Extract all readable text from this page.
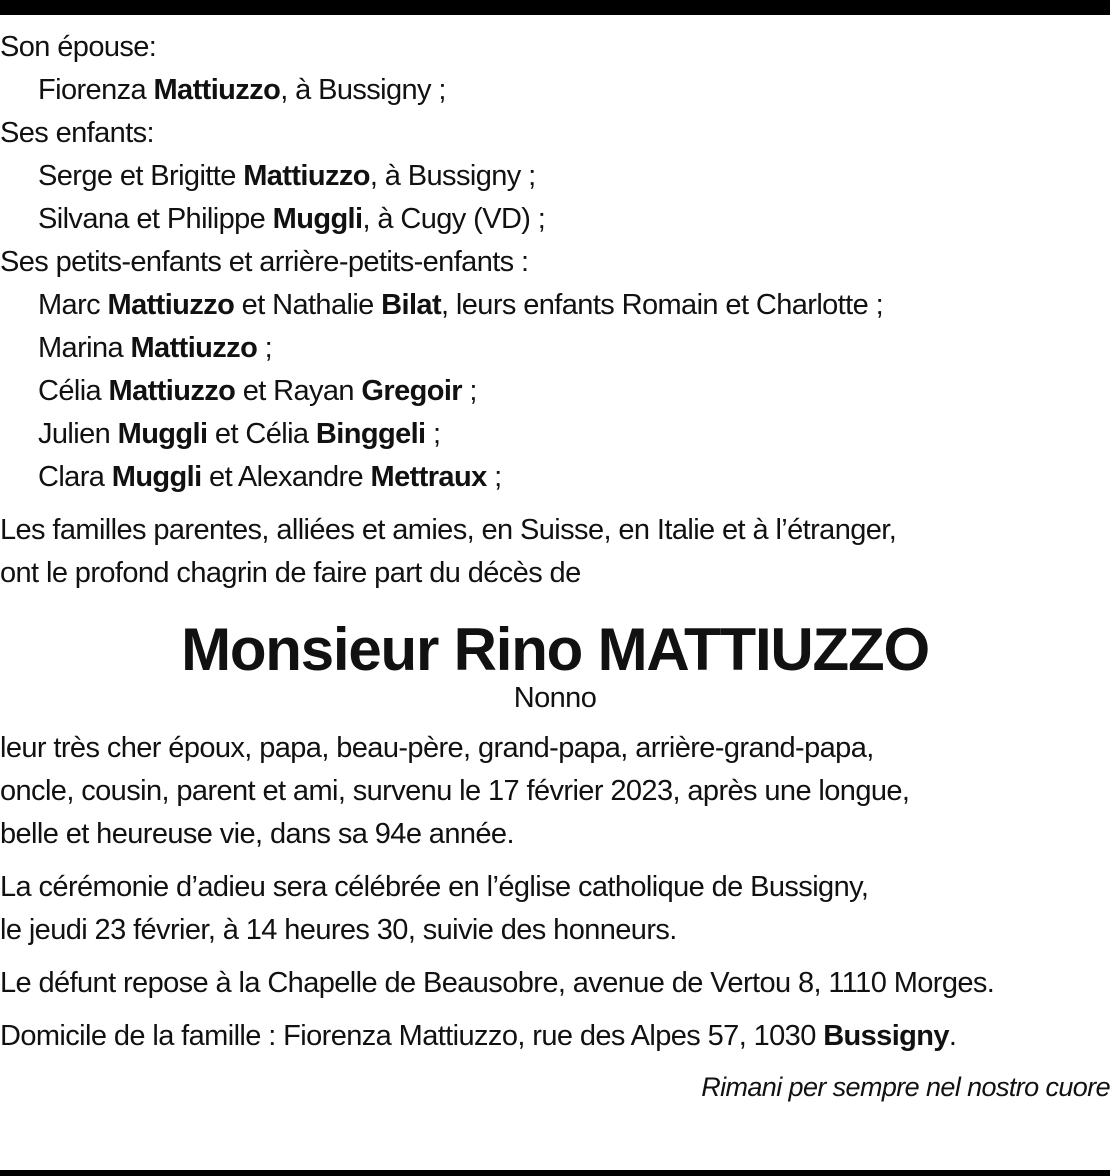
Son épouse:
Fiorenza Mattiuzzo, à Bussigny ;
Ses enfants:
Serge et Brigitte Mattiuzzo, à Bussigny ;
Silvana et Philippe Muggli, à Cugy (VD) ;
Ses petits-enfants et arrière-petits-enfants :
Marc Mattiuzzo et Nathalie Bilat, leurs enfants Romain et Charlotte ;
Marina Mattiuzzo ;
Célia Mattiuzzo et Rayan Gregoir ;
Julien Muggli et Célia Binggeli ;
Clara Muggli et Alexandre Mettraux ;
Les familles parentes, alliées et amies, en Suisse, en Italie et à l’étranger,
ont le profond chagrin de faire part du décès de
Monsieur Rino MATTIUZZO
Nonno
leur très cher époux, papa, beau-père, grand-papa, arrière-grand-papa,
oncle, cousin, parent et ami, survenu le 17 février 2023, après une longue,
belle et heureuse vie, dans sa 94e année.
La cérémonie d’adieu sera célébrée en l’église catholique de Bussigny,
le jeudi 23 février, à 14 heures 30, suivie des honneurs.
Le défunt repose à la Chapelle de Beausobre, avenue de Vertou 8, 1110 Morges.
Domicile de la famille : Fiorenza Mattiuzzo, rue des Alpes 57, 1030 Bussigny.
Rimani per sempre nel nostro cuore
